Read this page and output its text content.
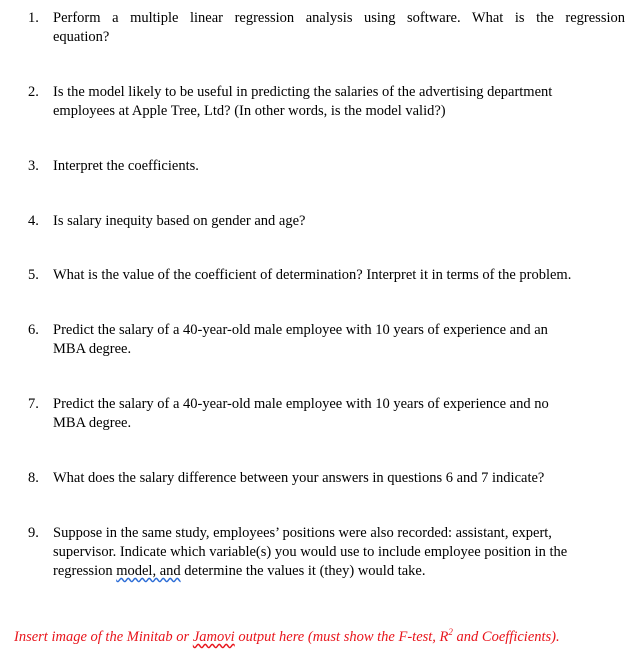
1. Perform a multiple linear regression analysis using software. What is the regression
equation?
2. Is the model likely to be useful in predicting the salaries of the advertising department
employees at Apple Tree, Ltd? (In other words, is the model valid?)
3. Interpret the coefficients.
4. Is salary inequity based on gender and age?
5. What is the value of the coefficient of determination? Interpret it in terms of the problem.
6. Predict the salary of a 40-year-old male employee with 10 years of experience and an
MBA degree.
7. Predict the salary of a 40-year-old male employee with 10 years of experience and no
MBA degree.
8. What does the salary difference between your answers in questions 6 and 7 indicate?
9. Suppose in the same study, employees’ positions were also recorded: assistant, expert,
supervisor. Indicate which variable(s) you would use to include employee position in the
regression model, and determine the values it (they) would take.
Insert image of the Minitab or Jamovi output here (must show the F-test, $R^2$ and Coefficients).
